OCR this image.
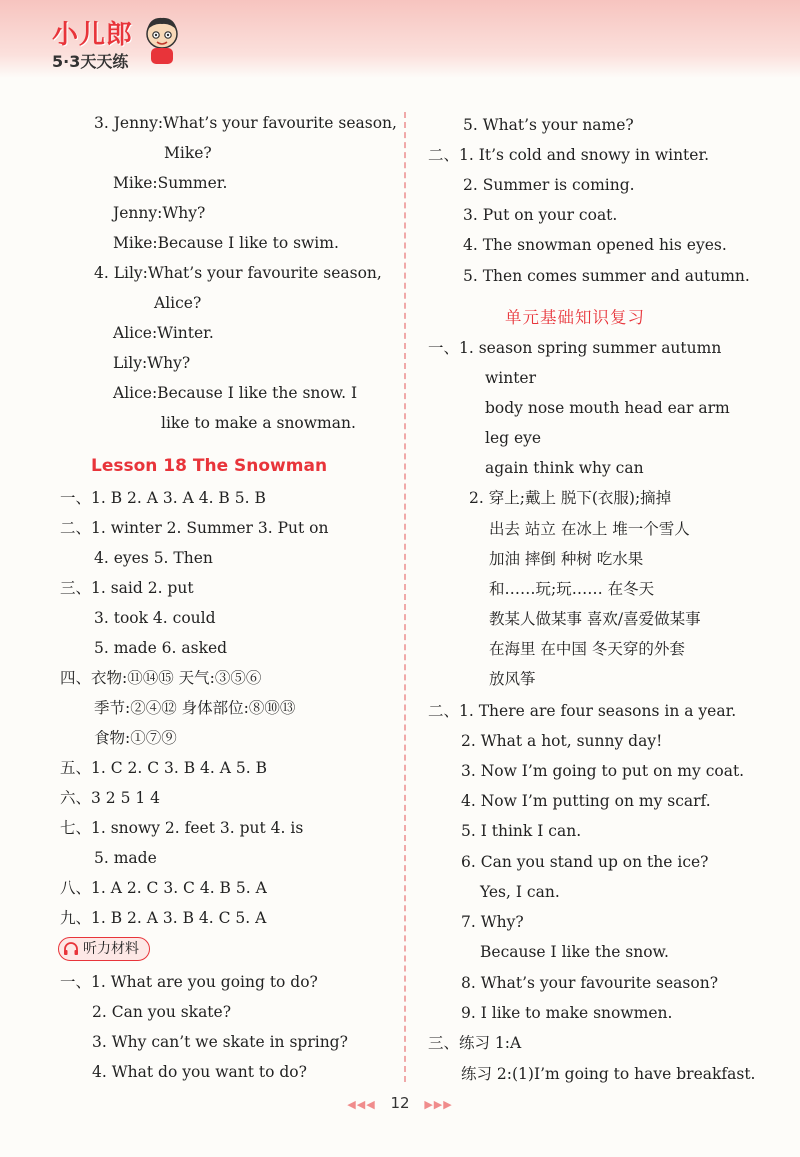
小儿郎
5·3天天练
3. Jenny:What’s your favourite season,
Mike?
Mike:Summer.
Jenny:Why?
Mike:Because I like to swim.
4. Lily:What’s your favourite season,
Alice?
Alice:Winter.
Lily:Why?
Alice:Because I like the snow. I
like to make a snowman.
Lesson 18 The Snowman
一、1. B 2. A 3. A 4. B 5. B
二、1. winter 2. Summer 3. Put on
4. eyes 5. Then
三、1. said 2. put
3. took 4. could
5. made 6. asked
四、衣物:⑪⑭⑮ 天气:③⑤⑥
季节:②④⑫ 身体部位:⑧⑩⑬
食物:①⑦⑨
五、1. C 2. C 3. B 4. A 5. B
六、3 2 5 1 4
七、1. snowy 2. feet 3. put 4. is
5. made
八、1. A 2. C 3. C 4. B 5. A
九、1. B 2. A 3. B 4. C 5. A
听力材料
一、1. What are you going to do?
2. Can you skate?
3. Why can’t we skate in spring?
4. What do you want to do?
5. What’s your name?
二、1. It’s cold and snowy in winter.
2. Summer is coming.
3. Put on your coat.
4. The snowman opened his eyes.
5. Then comes summer and autumn.
单元基础知识复习
一、1. season spring summer autumn
winter
body nose mouth head ear arm
leg eye
again think why can
2. 穿上;戴上 脱下(衣服);摘掉
出去 站立 在冰上 堆一个雪人
加油 摔倒 种树 吃水果
和……玩;玩…… 在冬天
教某人做某事 喜欢/喜爱做某事
在海里 在中国 冬天穿的外套
放风筝
二、1. There are four seasons in a year.
2. What a hot, sunny day!
3. Now I’m going to put on my coat.
4. Now I’m putting on my scarf.
5. I think I can.
6. Can you stand up on the ice?
Yes, I can.
7. Why?
Because I like the snow.
8. What’s your favourite season?
9. I like to make snowmen.
三、练习 1:A
练习 2:(1)I’m going to have breakfast.
◀◀◀ 12 ▶▶▶
